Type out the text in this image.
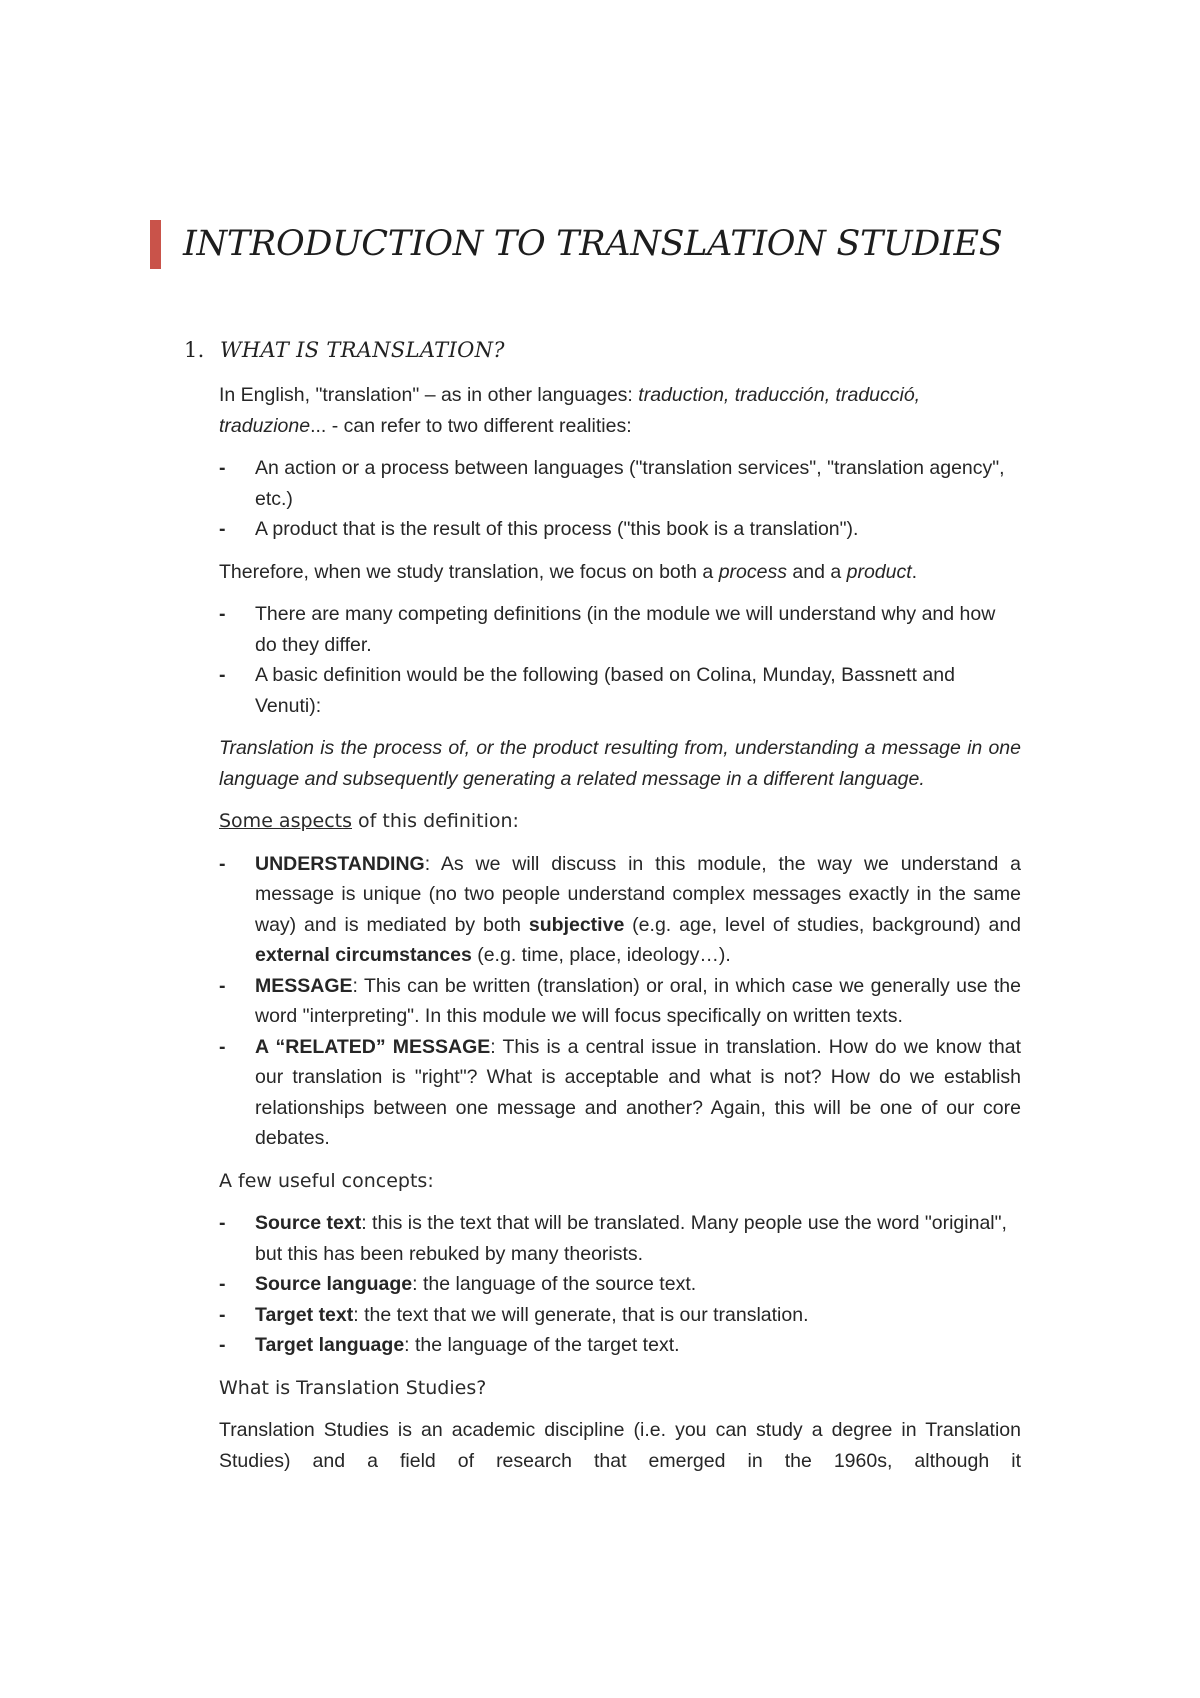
INTRODUCTION TO TRANSLATION STUDIES
1. WHAT IS TRANSLATION?

In English, "translation" – as in other languages: traduction, traducción, traducció, traduzione... - can refer to two different realities:

- An action or a process between languages ("translation services", "translation agency", etc.)
- A product that is the result of this process ("this book is a translation").

Therefore, when we study translation, we focus on both a process and a product.

- There are many competing definitions (in the module we will understand why and how do they differ.
- A basic definition would be the following (based on Colina, Munday, Bassnett and Venuti):

Translation is the process of, or the product resulting from, understanding a message in one language and subsequently generating a related message in a different language.

Some aspects of this definition:

- UNDERSTANDING: As we will discuss in this module, the way we understand a message is unique (no two people understand complex messages exactly in the same way) and is mediated by both subjective (e.g. age, level of studies, background) and external circumstances (e.g. time, place, ideology…).
- MESSAGE: This can be written (translation) or oral, in which case we generally use the word "interpreting". In this module we will focus specifically on written texts.
- A “RELATED” MESSAGE: This is a central issue in translation. How do we know that our translation is "right"? What is acceptable and what is not? How do we establish relationships between one message and another? Again, this will be one of our core debates.

A few useful concepts:

- Source text: this is the text that will be translated. Many people use the word "original", but this has been rebuked by many theorists.
- Source language: the language of the source text.
- Target text: the text that we will generate, that is our translation.
- Target language: the language of the target text.

What is Translation Studies?

Translation Studies is an academic discipline (i.e. you can study a degree in Translation Studies) and a field of research that emerged in the 1960s, although it
